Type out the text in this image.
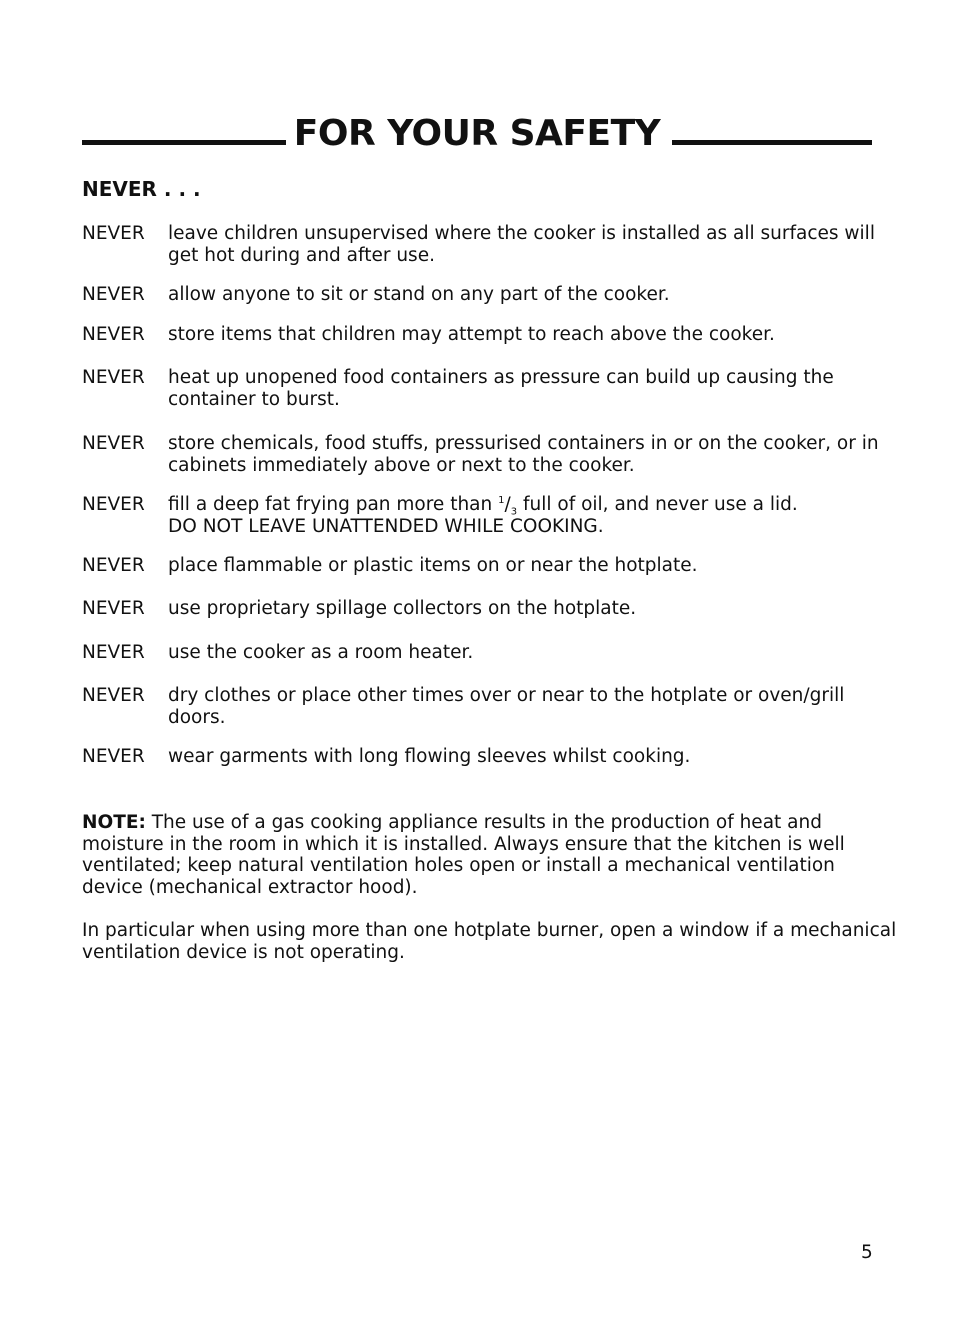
FOR YOUR SAFETY
NEVER . . .
NEVER leave children unsupervised where the cooker is installed as all surfaces will
get hot during and after use.
NEVER allow anyone to sit or stand on any part of the cooker.
NEVER store items that children may attempt to reach above the cooker.
NEVER heat up unopened food containers as pressure can build up causing the
container to burst.
NEVER store chemicals, food stuffs, pressurised containers in or on the cooker, or in
cabinets immediately above or next to the cooker.
NEVER fill a deep fat frying pan more than $^1/_3$ full of oil, and never use a lid.
DO NOT LEAVE UNATTENDED WHILE COOKING.
NEVER place flammable or plastic items on or near the hotplate.
NEVER use proprietary spillage collectors on the hotplate.
NEVER use the cooker as a room heater.
NEVER dry clothes or place other times over or near to the hotplate or oven/grill
doors.
NEVER wear garments with long flowing sleeves whilst cooking.
NOTE: The use of a gas cooking appliance results in the production of heat and
moisture in the room in which it is installed. Always ensure that the kitchen is well
ventilated; keep natural ventilation holes open or install a mechanical ventilation
device (mechanical extractor hood).
In particular when using more than one hotplate burner, open a window if a mechanical
ventilation device is not operating.
5
